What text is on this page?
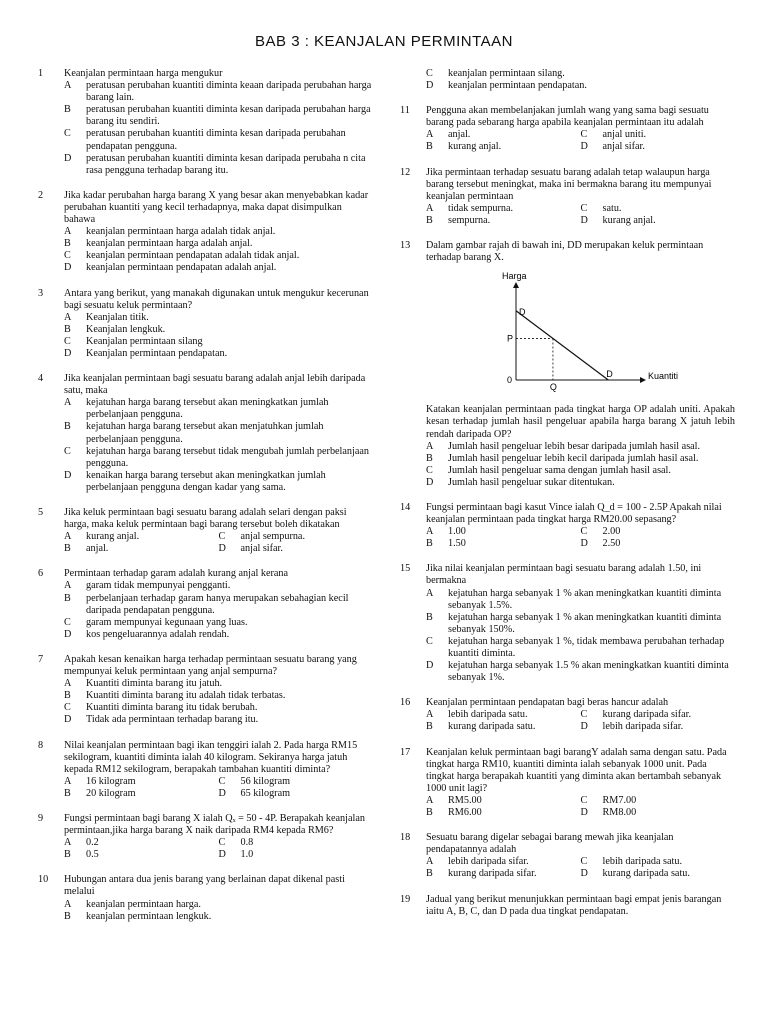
BAB 3 : KEANJALAN PERMINTAAN
1 Keanjalan permintaan harga mengukur
A peratusan perubahan kuantiti diminta keaan daripada perubahan harga barang lain.
B peratusan perubahan kuantiti diminta kesan daripada perubahan harga barang itu sendiri.
C peratusan perubahan kuantiti diminta kesan daripada perubahan pendapatan pengguna.
D peratusan perubahan kuantiti diminta kesan daripada perubaha n cita rasa pengguna terhadap barang itu.
2 Jika kadar perubahan harga barang X yang besar akan menyebabkan kadar perubahan kuantiti yang kecil terhadapnya, maka dapat disimpulkan bahawa
A keanjalan permintaan harga adalah tidak anjal.
B keanjalan permintaan harga adalah anjal.
C keanjalan permintaan pendapatan adalah tidak anjal.
D keanjalan permintaan pendapatan adalah anjal.
3 Antara yang berikut, yang manakah digunakan untuk mengukur kecerunan bagi sesuatu keluk permintaan?
A Keanjalan titik.
B Keanjalan lengkuk.
C Keanjalan permintaan silang
D Keanjalan permintaan pendapatan.
4 Jika keanjalan permintaan bagi sesuatu barang adalah anjal lebih daripada satu, maka
A kejatuhan harga barang tersebut akan meningkatkan jumlah perbelanjaan pengguna.
B kejatuhan harga barang tersebut akan menjatuhkan jumlah perbelanjaan pengguna.
C kejatuhan harga barang tersebut tidak mengubah jumlah perbelanjaan pengguna.
D kenaikan harga barang tersebut akan meningkatkan jumlah perbelanjaan pengguna dengan kadar yang sama.
5 Jika keluk permintaan bagi sesuatu barang adalah selari dengan paksi harga, maka keluk permintaan bagi barang tersebut boleh dikatakan
A kurang anjal.	C anjal sempurna.
B anjal.	D anjal sifar.
6 Permintaan terhadap garam adalah kurang anjal kerana
A garam tidak mempunyai pengganti.
B perbelanjaan terhadap garam hanya merupakan sebahagian kecil daripada pendapatan pengguna.
C garam mempunyai kegunaan yang luas.
D kos pengeluarannya adalah rendah.
7 Apakah kesan kenaikan harga terhadap permintaan sesuatu barang yang mempunyai keluk permintaan yang anjal sempurna?
A Kuantiti diminta barang itu jatuh.
B Kuantiti diminta barang itu adalah tidak terbatas.
C Kuantiti diminta barang itu tidak berubah.
D Tidak ada permintaan terhadap barang itu.
8 Nilai keanjalan permintaan bagi ikan tenggiri ialah 2. Pada harga RM15 sekilogram, kuantiti diminta ialah 40 kilogram. Sekiranya harga jatuh kepada RM12 sekilogram, berapakah tambahan kuantiti diminta?
A 16 kilogram	C 56 kilogram
B 20 kilogram	D 65 kilogram
9 Fungsi permintaan bagi barang X ialah Qₓ = 50 - 4P. Berapakah keanjalan permintaan,jika harga barang X naik daripada RM4 kepada RM6?
A 0.2	C 0.8
B 0.5	D 1.0
10 Hubungan antara dua jenis barang yang berlainan dapat dikenal pasti melalui
A keanjalan permintaan harga.
B keanjalan permintaan lengkuk.
C keanjalan permintaan silang.
D keanjalan permintaan pendapatan.
11 Pengguna akan membelanjakan jumlah wang yang sama bagi sesuatu barang pada sebarang harga apabila keanjalan permintaan itu adalah
A anjal.	C anjal uniti.
B kurang anjal.	D anjal sifar.
12 Jika permintaan terhadap sesuatu barang adalah tetap walaupun harga barang tersebut meningkat, maka ini bermakna barang itu mempunyai keanjalan permintaan
A tidak sempurna.	C satu.
B sempurna.	D kurang anjal.
13 Dalam gambar rajah di bawah ini, DD merupakan keluk permintaan terhadap barang X.
Harga
Kuantiti
0
D
D
P
Q
Katakan keanjalan permintaan pada tingkat harga OP adalah uniti. Apakah kesan terhadap jumlah hasil pengeluar apabila harga barang X jatuh lebih rendah daripada OP?
A Jumlah hasil pengeluar lebih besar daripada jumlah hasil asal.
B Jumlah hasil pengeluar lebih kecil daripada jumlah hasil asal.
C Jumlah hasil pengeluar sama dengan jumlah hasil asal.
D Jumlah hasil pengeluar sukar ditentukan.
14 Fungsi permintaan bagi kasut Vince ialah Q_d = 100 - 2.5P Apakah nilai keanjalan permintaan pada tingkat harga RM20.00 sepasang?
A 1.00	C 2.00
B 1.50	D 2.50
15 Jika nilai keanjalan permintaan bagi sesuatu barang adalah 1.50, ini bermakna
A kejatuhan harga sebanyak 1 % akan meningkatkan kuantiti diminta sebanyak 1.5%.
B kejatuhan harga sebanyak 1 % akan meningkatkan kuantiti diminta sebanyak 150%.
C kejatuhan harga sebanyak 1 %, tidak membawa perubahan terhadap kuantiti diminta.
D kejatuhan harga sebanyak 1.5 % akan meningkatkan kuantiti diminta sebanyak 1%.
16 Keanjalan permintaan pendapatan bagi beras hancur adalah
A lebih daripada satu.	C kurang daripada sifar.
B kurang daripada satu.	D lebih daripada sifar.
17 Keanjalan keluk permintaan bagi barangY adalah sama dengan satu. Pada tingkat harga RM10, kuantiti diminta ialah sebanyak 1000 unit. Pada tingkat harga berapakah kuantiti yang diminta akan bertambah sebanyak 1000 unit lagi?
A RM5.00	C RM7.00
B RM6.00	D RM8.00
18 Sesuatu barang digelar sebagai barang mewah jika keanjalan pendapatannya adalah
A lebih daripada sifar.	C lebih daripada satu.
B kurang daripada sifar.	D kurang daripada satu.
19 Jadual yang berikut menunjukkan permintaan bagi empat jenis barangan iaitu A, B, C, dan D pada dua tingkat pendapatan.
